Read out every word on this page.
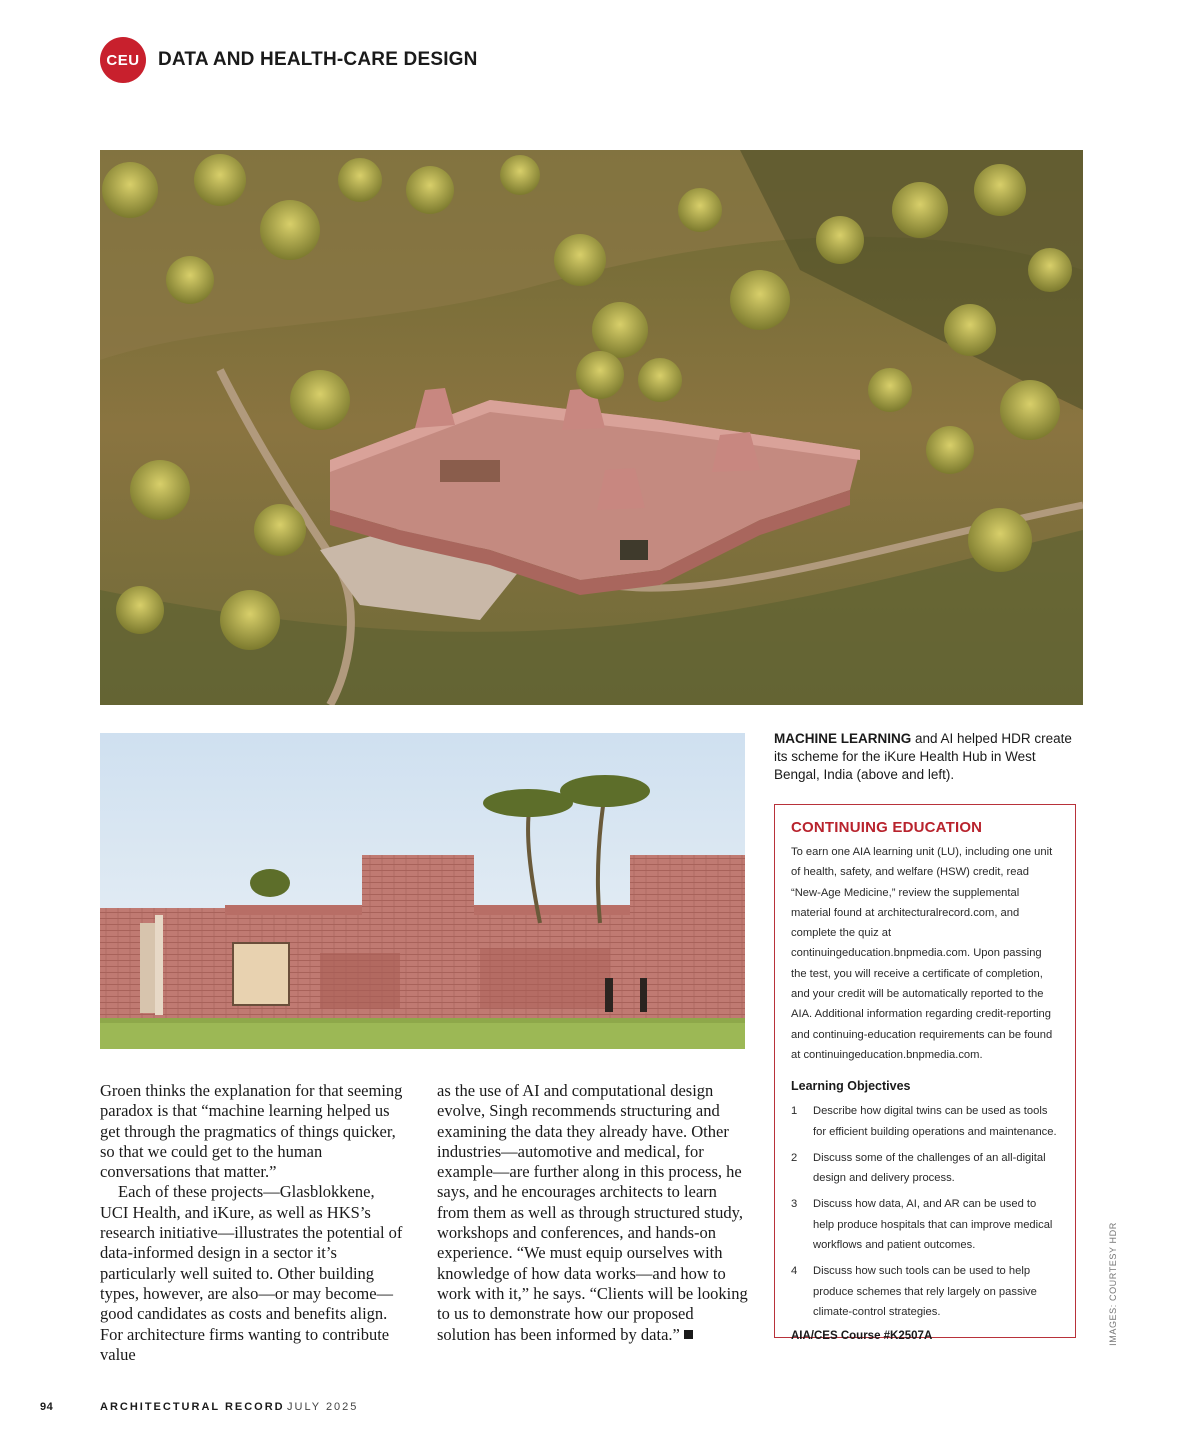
CEU DATA AND HEALTH-CARE DESIGN
MACHINE LEARNING and AI helped HDR create its scheme for the iKure Health Hub in West Bengal, India (above and left).
CONTINUING EDUCATION
To earn one AIA learning unit (LU), including one unit of health, safety, and welfare (HSW) credit, read “New-Age Medicine,” review the supplemental material found at architecturalrecord.com, and complete the quiz at continuingeducation.bnpmedia.com. Upon passing the test, you will receive a certificate of completion, and your credit will be automatically reported to the AIA. Additional information regarding credit-reporting and continuing-education requirements can be found at continuingeducation.bnpmedia.com.
Learning Objectives
1	Describe how digital twins can be used as tools for efficient building operations and maintenance.
2	Discuss some of the challenges of an all-digital design and delivery process.
3	Discuss how data, AI, and AR can be used to help produce hospitals that can improve medical workflows and patient outcomes.
4	Discuss how such tools can be used to help produce schemes that rely largely on passive climate-control strategies.
AIA/CES Course #K2507A

Groen thinks the explanation for that seeming paradox is that “machine learning helped us get through the pragmatics of things quicker, so that we could get to the human conversations that matter.”

Each of these projects—Glasblokkene, UCI Health, and iKure, as well as HKS’s research initiative—illustrates the potential of data-informed design in a sector it’s particularly well suited to. Other building types, however, are also—or may become—good candidates as costs and benefits align. For architecture firms wanting to contribute value

as the use of AI and computational design evolve, Singh recommends structuring and examining the data they already have. Other industries—automotive and medical, for example—are further along in this process, he says, and he encourages architects to learn from them as well as through structured study, workshops and conferences, and hands-on experience. “We must equip ourselves with knowledge of how data works—and how to work with it,” he says. “Clients will be looking to us to demonstrate how our proposed solution has been informed by data.”	IMAGES: COURTESY HDR
94	ARCHITECTURAL RECORD JULY 2025
